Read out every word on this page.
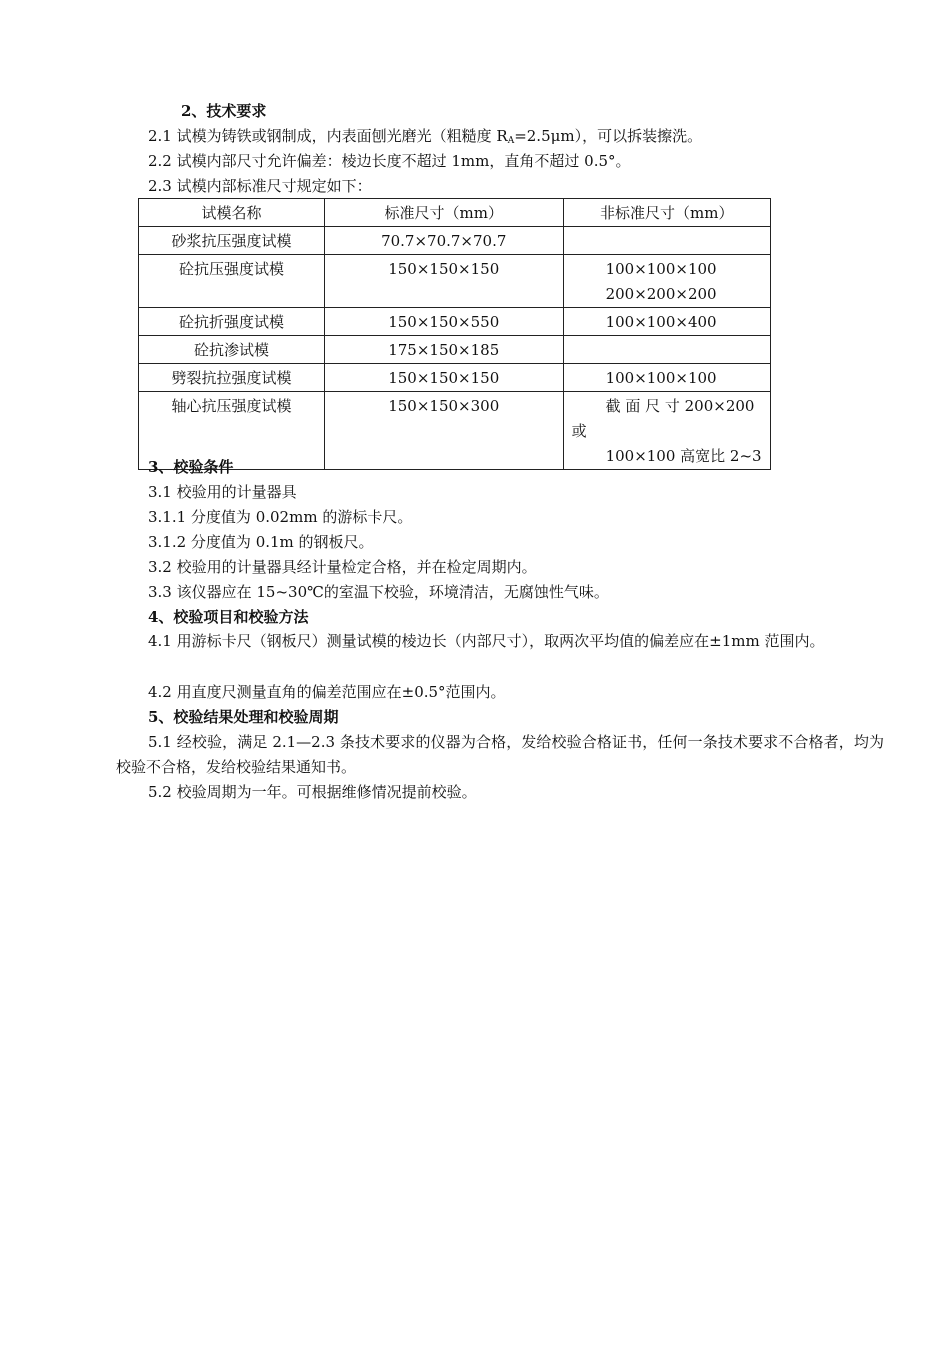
2、技术要求
2.1 试模为铸铁或钢制成，内表面刨光磨光（粗糙度 $R_A=2.5\mu m$），可以拆装擦洗。
2.2 试模内部尺寸允许偏差：棱边长度不超过 1mm，直角不超过 0.5°。
2.3 试模内部标准尺寸规定如下：
试模名称	标准尺寸（mm）	非标准尺寸（mm）
砂浆抗压强度试模	70.7×70.7×70.7	

砼抗压强度试模	150×150×150	100×100×100
200×200×200

砼抗折强度试模	150×150×550	100×100×400

砼抗渗试模	175×150×185	

劈裂抗拉强度试模	150×150×150	100×100×100

轴心抗压强度试模	150×150×300	截 面 尺 寸 200×200
或
100×100 高宽比 2~3
3、校验条件
3.1 校验用的计量器具
3.1.1 分度值为 0.02mm 的游标卡尺。
3.1.2 分度值为 0.1m 的钢板尺。
3.2 校验用的计量器具经计量检定合格，并在检定周期内。
3.3 该仪器应在 15~30℃的室温下校验，环境清洁，无腐蚀性气味。
4、校验项目和校验方法
4.1 用游标卡尺（钢板尺）测量试模的棱边长（内部尺寸），取两次平均值的偏差应在±1mm 范围内。
4.2 用直度尺测量直角的偏差范围应在±0.5°范围内。
5、校验结果处理和校验周期
5.1 经校验，满足 2.1—2.3 条技术要求的仪器为合格，发给校验合格证书，任何一条技术要求不合格者，均为校验不合格，发给校验结果通知书。
5.2 校验周期为一年。可根据维修情况提前校验。
